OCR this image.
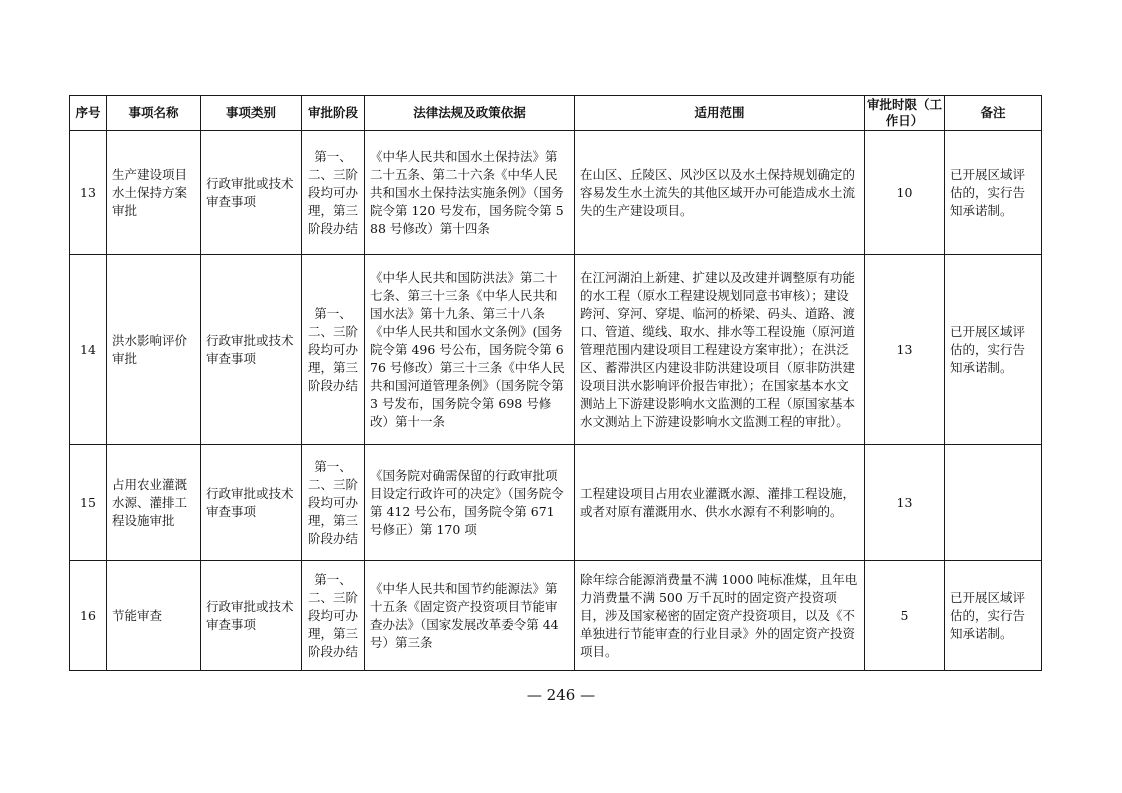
序号	事项名称	事项类别	审批阶段	法律法规及政策依据	适用范围	审批时限（工作日）	备注
13	生产建设项目水土保持方案审批	行政审批或技术审查事项	第一、二、三阶段均可办理，第三阶段办结	《中华人民共和国水土保持法》第二十五条、第二十六条《中华人民共和国水土保持法实施条例》（国务院令第 120 号发布，国务院令第 588 号修改）第十四条	在山区、丘陵区、风沙区以及水土保持规划确定的容易发生水土流失的其他区域开办可能造成水土流失的生产建设项目。	10	已开展区域评估的，实行告知承诺制。
14	洪水影响评价审批	行政审批或技术审查事项	第一、二、三阶段均可办理，第三阶段办结	《中华人民共和国防洪法》第二十七条、第三十三条《中华人民共和国水法》第十九条、第三十八条《中华人民共和国水文条例》(国务院令第 496 号公布，国务院令第 676 号修改）第三十三条《中华人民共和国河道管理条例》（国务院令第 3 号发布，国务院令第 698 号修改）第十一条	在江河湖泊上新建、扩建以及改建并调整原有功能的水工程（原水工程建设规划同意书审核）；建设跨河、穿河、穿堤、临河的桥梁、码头、道路、渡口、管道、缆线、取水、排水等工程设施（原河道管理范围内建设项目工程建设方案审批）；在洪泛区、蓄滞洪区内建设非防洪建设项目（原非防洪建设项目洪水影响评价报告审批）；在国家基本水文测站上下游建设影响水文监测的工程（原国家基本水文测站上下游建设影响水文监测工程的审批）。	13	已开展区域评估的，实行告知承诺制。
15	占用农业灌溉水源、灌排工程设施审批	行政审批或技术审查事项	第一、二、三阶段均可办理，第三阶段办结	《国务院对确需保留的行政审批项目设定行政许可的决定》（国务院令第 412 号公布，国务院令第 671 号修正）第 170 项	工程建设项目占用农业灌溉水源、灌排工程设施，或者对原有灌溉用水、供水水源有不利影响的。	13	
16	节能审查	行政审批或技术审查事项	第一、二、三阶段均可办理，第三阶段办结	《中华人民共和国节约能源法》第十五条《固定资产投资项目节能审查办法》（国家发展改革委令第 44 号）第三条	除年综合能源消费量不满 1000 吨标准煤，且年电力消费量不满 500 万千瓦时的固定资产投资项目，涉及国家秘密的固定资产投资项目，以及《不单独进行节能审查的行业目录》外的固定资产投资项目。	5	已开展区域评估的，实行告知承诺制。
— 246 —
